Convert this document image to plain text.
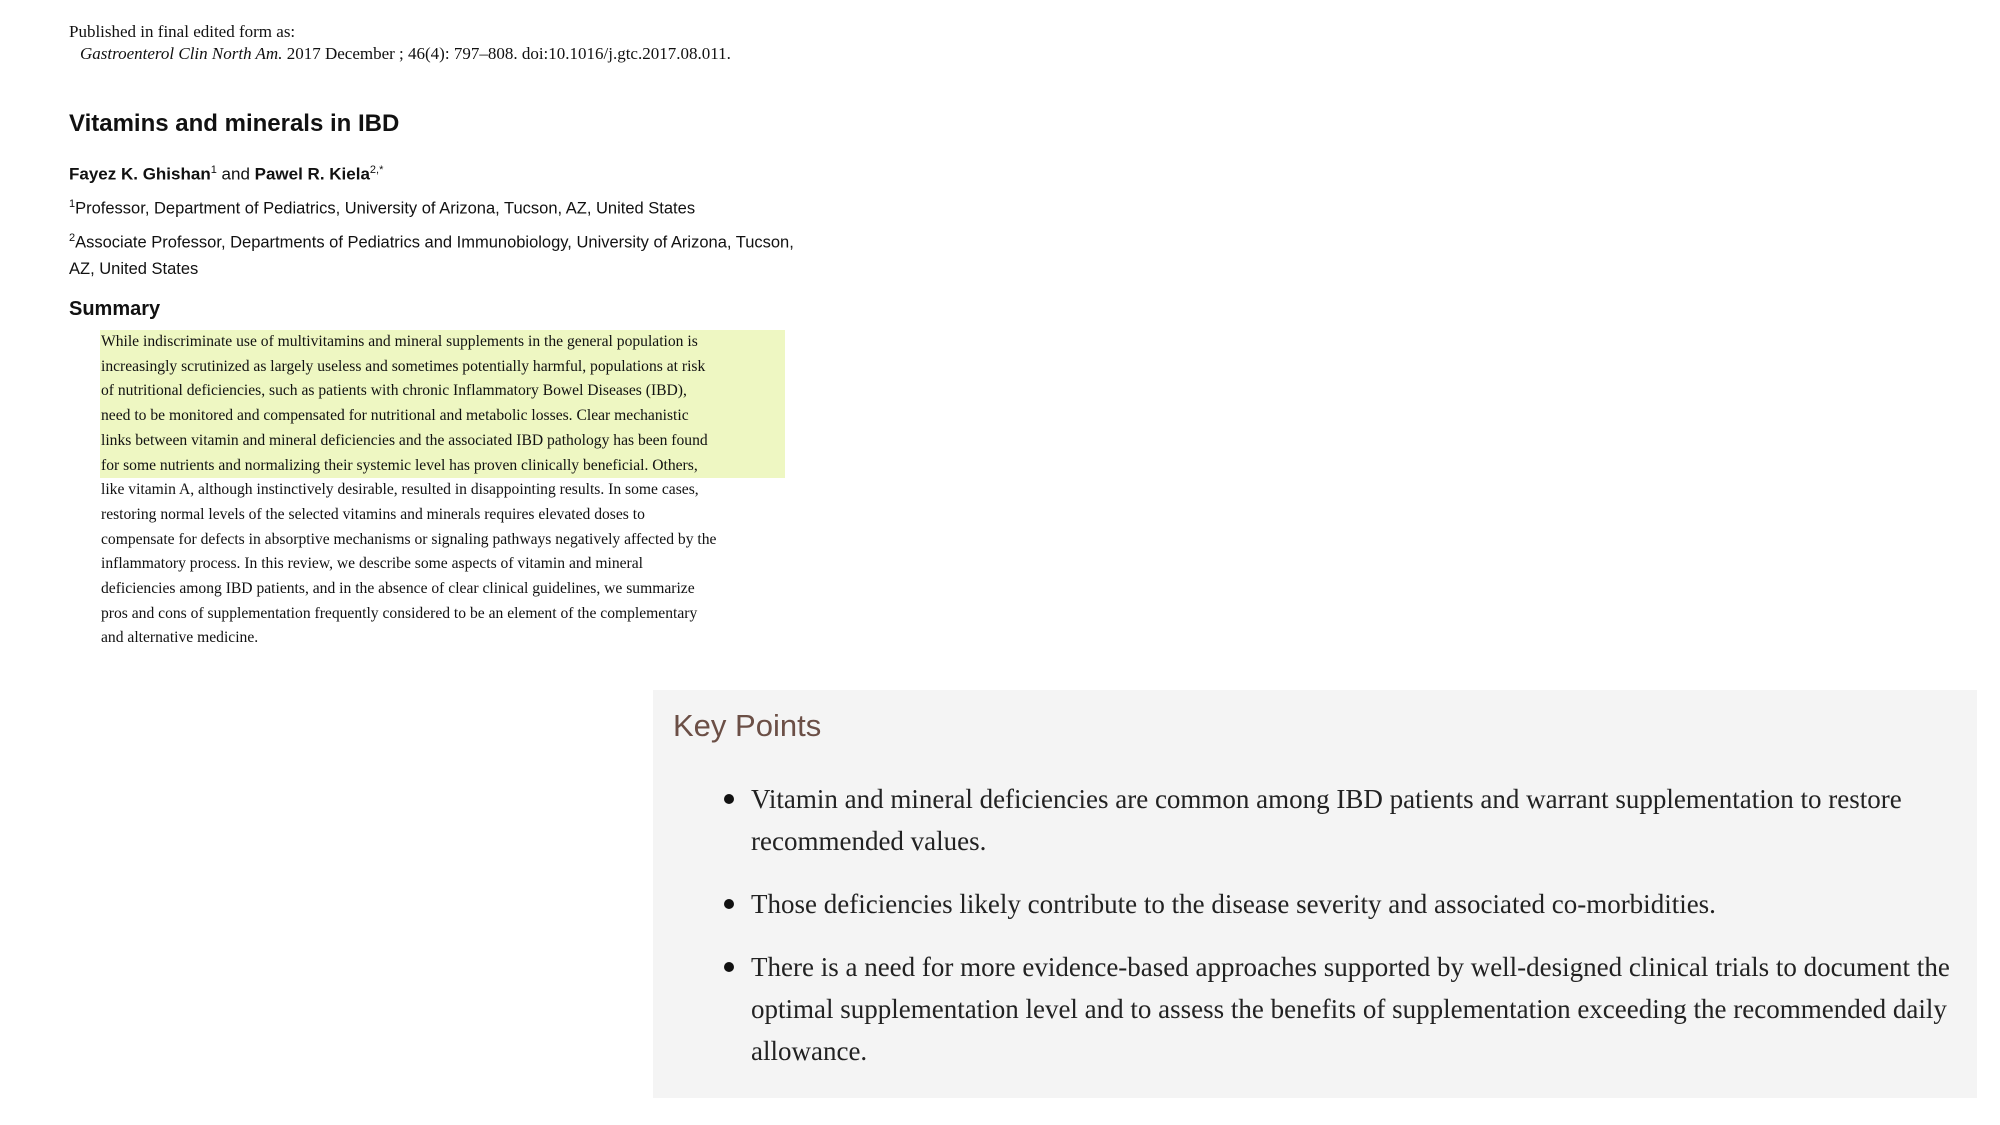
Published in final edited form as:
Gastroenterol Clin North Am. 2017 December ; 46(4): 797–808. doi:10.1016/j.gtc.2017.08.011.
Vitamins and minerals in IBD
Fayez K. Ghishan$^1$ and Pawel R. Kiela$^{2,*}$
$^1$Professor, Department of Pediatrics, University of Arizona, Tucson, AZ, United States
$^2$Associate Professor, Departments of Pediatrics and Immunobiology, University of Arizona, Tucson, AZ, United States
Summary
While indiscriminate use of multivitamins and mineral supplements in the general population is
increasingly scrutinized as largely useless and sometimes potentially harmful, populations at risk
of nutritional deficiencies, such as patients with chronic Inflammatory Bowel Diseases (IBD),
need to be monitored and compensated for nutritional and metabolic losses. Clear mechanistic
links between vitamin and mineral deficiencies and the associated IBD pathology has been found
for some nutrients and normalizing their systemic level has proven clinically beneficial. Others,
like vitamin A, although instinctively desirable, resulted in disappointing results. In some cases,
restoring normal levels of the selected vitamins and minerals requires elevated doses to
compensate for defects in absorptive mechanisms or signaling pathways negatively affected by the
inflammatory process. In this review, we describe some aspects of vitamin and mineral
deficiencies among IBD patients, and in the absence of clear clinical guidelines, we summarize
pros and cons of supplementation frequently considered to be an element of the complementary
and alternative medicine.
Key Points
Vitamin and mineral deficiencies are common among IBD patients and warrant supplementation to restore recommended values.
Those deficiencies likely contribute to the disease severity and associated co-morbidities.
There is a need for more evidence-based approaches supported by well-designed clinical trials to document the optimal supplementation level and to assess the benefits of supplementation exceeding the recommended daily allowance.
